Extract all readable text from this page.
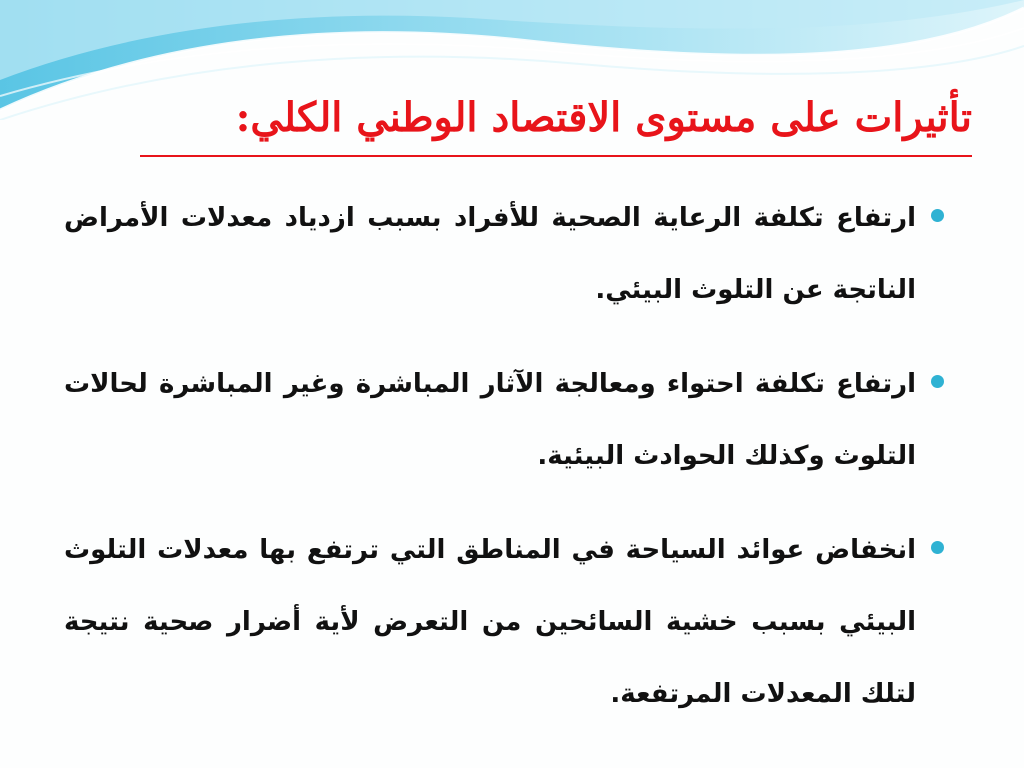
تأثيرات على مستوى الاقتصاد الوطني الكلي:
ارتفاع تكلفة الرعاية الصحية للأفراد بسبب ازدياد معدلات الأمراض الناتجة عن التلوث البيئي.
ارتفاع تكلفة احتواء ومعالجة الآثار المباشرة وغير المباشرة لحالات التلوث وكذلك الحوادث البيئية.
انخفاض عوائد السياحة في المناطق التي ترتفع بها معدلات التلوث البيئي بسبب خشية السائحين من التعرض لأية أضرار صحية نتيجة لتلك المعدلات المرتفعة.
